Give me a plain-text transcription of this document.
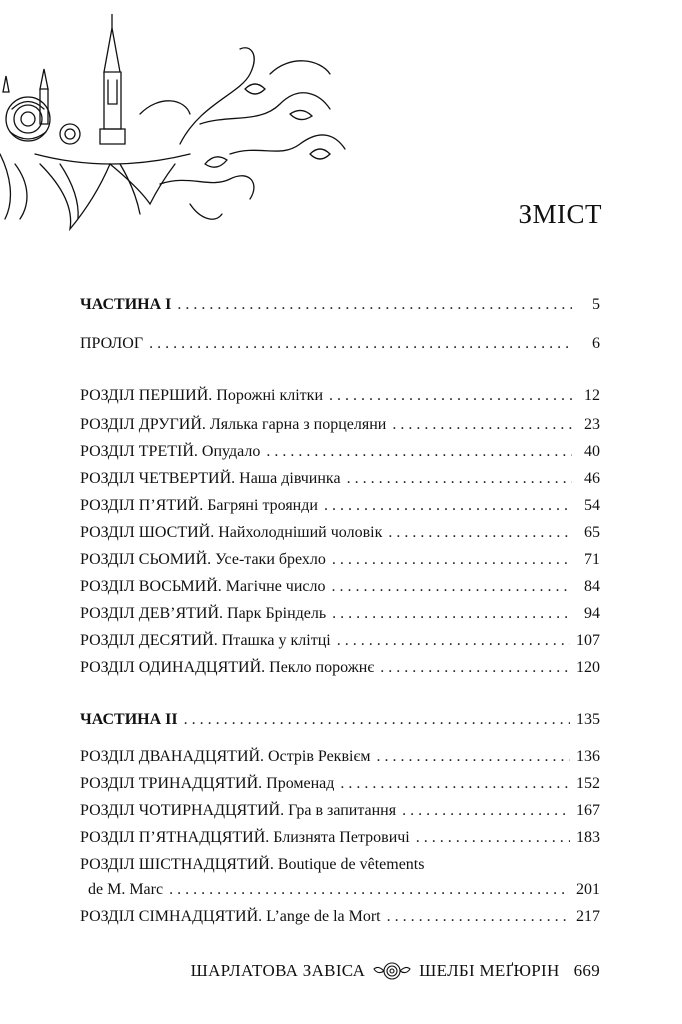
ЗМІСТ
ЧАСТИНА I . . .	5
ПРОЛОГ . . .	6
РОЗДІЛ ПЕРШИЙ. Порожні клітки . . .	12
РОЗДІЛ ДРУГИЙ. Лялька гарна з порцеляни . . .	23
РОЗДІЛ ТРЕТІЙ. Опудало . . .	40
РОЗДІЛ ЧЕТВЕРТИЙ. Наша дівчинка . . .	46
РОЗДІЛ П’ЯТИЙ. Багряні троянди . . .	54
РОЗДІЛ ШОСТИЙ. Найхолодніший чоловік . . .	65
РОЗДІЛ СЬОМИЙ. Усе-таки брехло . . .	71
РОЗДІЛ ВОСЬМИЙ. Магічне число . . .	84
РОЗДІЛ ДЕВ’ЯТИЙ. Парк Бріндель . . .	94
РОЗДІЛ ДЕСЯТИЙ. Пташка у клітці . . .	107
РОЗДІЛ ОДИНАДЦЯТИЙ. Пекло порожнє . . .	120
ЧАСТИНА II . . .	135
РОЗДІЛ ДВАНАДЦЯТИЙ. Острів Реквієм . . .	136
РОЗДІЛ ТРИНАДЦЯТИЙ. Променад . . .	152
РОЗДІЛ ЧОТИРНАДЦЯТИЙ. Гра в запитання . . .	167
РОЗДІЛ П’ЯТНАДЦЯТИЙ. Близнята Петровичі . . .	183
РОЗДІЛ ШІСТНАДЦЯТИЙ. Boutique de vêtements
de M. Marc . . .	201
РОЗДІЛ СІМНАДЦЯТИЙ. L’ange de la Mort . . .	217
ШАРЛАТОВА ЗАВІСА	ШЕЛБІ МЕҐЮРІН 669
